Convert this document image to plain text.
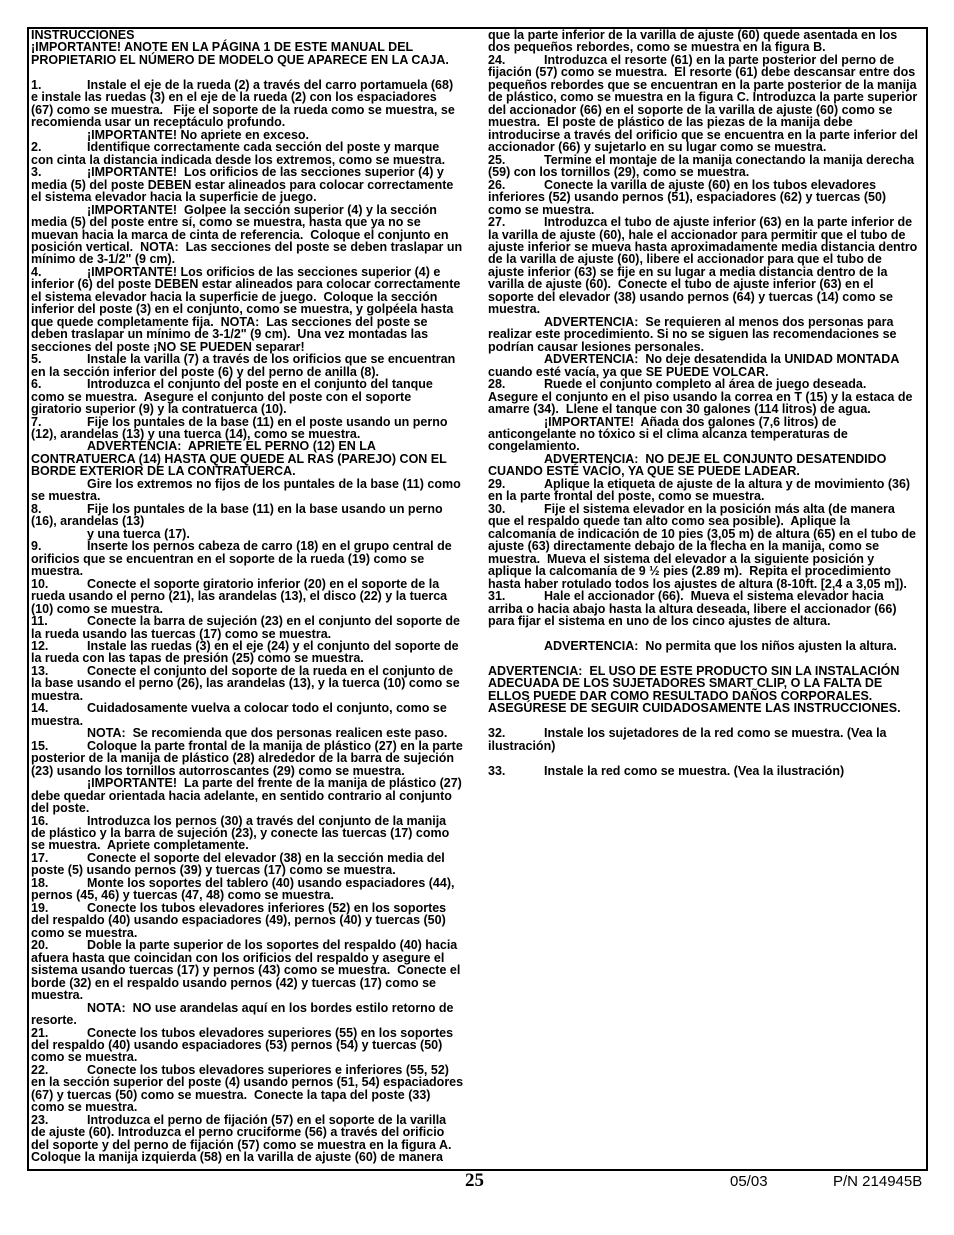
INSTRUCCIONES
¡IMPORTANTE! ANOTE EN LA PÁGINA 1 DE ESTE MANUAL DEL
PROPIETARIO EL NÚMERO DE MODELO QUE APARECE EN LA CAJA.
1.	Instale el eje de la rueda (2) a través del carro portamuela (68)
e instale las ruedas (3) en el eje de la rueda (2) con los espaciadores
(67) como se muestra.   Fije el soporte de la rueda como se muestra, se
recomienda usar un receptáculo profundo.
	¡IMPORTANTE! No apriete en exceso.
2.	Identifique correctamente cada sección del poste y marque
con cinta la distancia indicada desde los extremos, como se muestra.
3.	¡IMPORTANTE!  Los orificios de las secciones superior (4) y
media (5) del poste DEBEN estar alineados para colocar correctamente
el sistema elevador hacia la superficie de juego.
	¡IMPORTANTE!  Golpee la sección superior (4) y la sección
media (5) del poste entre sí, como se muestra, hasta que ya no se
muevan hacia la marca de cinta de referencia.  Coloque el conjunto en
posición vertical.  NOTA:  Las secciones del poste se deben traslapar un
mínimo de 3-1/2" (9 cm).
4.	¡IMPORTANTE! Los orificios de las secciones superior (4) e
inferior (6) del poste DEBEN estar alineados para colocar correctamente
el sistema elevador hacia la superficie de juego.  Coloque la sección
inferior del poste (3) en el conjunto, como se muestra, y golpéela hasta
que quede completamente fija.  NOTA:  Las secciones del poste se
deben traslapar un mínimo de 3-1/2" (9 cm).  Una vez montadas las
secciones del poste ¡NO SE PUEDEN separar!
5.	Instale la varilla (7) a través de los orificios que se encuentran
en la sección inferior del poste (6) y del perno de anilla (8).
6.	Introduzca el conjunto del poste en el conjunto del tanque
como se muestra.  Asegure el conjunto del poste con el soporte
giratorio superior (9) y la contratuerca (10).
7.	Fije los puntales de la base (11) en el poste usando un perno
(12), arandelas (13) y una tuerca (14), como se muestra.
	ADVERTENCIA:  APRIETE EL PERNO (12) EN LA
CONTRATUERCA (14) HASTA QUE QUEDE AL RAS (PAREJO) CON EL
BORDE EXTERIOR DE LA CONTRATUERCA.
	Gire los extremos no fijos de los puntales de la base (11) como
se muestra.
8.	Fije los puntales de la base (11) en la base usando un perno
(16), arandelas (13)
	y una tuerca (17).
9.	Inserte los pernos cabeza de carro (18) en el grupo central de
orificios que se encuentran en el soporte de la rueda (19) como se
muestra.
10.	Conecte el soporte giratorio inferior (20) en el soporte de la
rueda usando el perno (21), las arandelas (13), el disco (22) y la tuerca
(10) como se muestra.
11.	Conecte la barra de sujeción (23) en el conjunto del soporte de
la rueda usando las tuercas (17) como se muestra.
12.	Instale las ruedas (3) en el eje (24) y el conjunto del soporte de
la rueda con las tapas de presión (25) como se muestra.
13.	Conecte el conjunto del soporte de la rueda en el conjunto de
la base usando el perno (26), las arandelas (13), y la tuerca (10) como se
muestra.
14.	Cuidadosamente vuelva a colocar todo el conjunto, como se
muestra.
	NOTA:  Se recomienda que dos personas realicen este paso.
15.	Coloque la parte frontal de la manija de plástico (27) en la parte
posterior de la manija de plástico (28) alrededor de la barra de sujeción
(23) usando los tornillos autorroscantes (29) como se muestra.
	¡IMPORTANTE!  La parte del frente de la manija de plástico (27)
debe quedar orientada hacia adelante, en sentido contrario al conjunto
del poste.
16.	Introduzca los pernos (30) a través del conjunto de la manija
de plástico y la barra de sujeción (23), y conecte las tuercas (17) como
se muestra.  Apriete completamente.
17.	Conecte el soporte del elevador (38) en la sección media del
poste (5) usando pernos (39) y tuercas (17) como se muestra.
18.	Monte los soportes del tablero (40) usando espaciadores (44),
pernos (45, 46) y tuercas (47, 48) como se muestra.
19.	Conecte los tubos elevadores inferiores (52) en los soportes
del respaldo (40) usando espaciadores (49), pernos (40) y tuercas (50)
como se muestra.
20.	Doble la parte superior de los soportes del respaldo (40) hacia
afuera hasta que coincidan con los orificios del respaldo y asegure el
sistema usando tuercas (17) y pernos (43) como se muestra.  Conecte el
borde (32) en el respaldo usando pernos (42) y tuercas (17) como se
muestra.
	NOTA:  NO use arandelas aquí en los bordes estilo retorno de
resorte.
21.	Conecte los tubos elevadores superiores (55) en los soportes
del respaldo (40) usando espaciadores (53) pernos (54) y tuercas (50)
como se muestra.
22.	Conecte los tubos elevadores superiores e inferiores (55, 52)
en la sección superior del poste (4) usando pernos (51, 54) espaciadores
(67) y tuercas (50) como se muestra.  Conecte la tapa del poste (33)
como se muestra.
23.	Introduzca el perno de fijación (57) en el soporte de la varilla
de ajuste (60). Introduzca el perno cruciforme (56) a través del orificio
del soporte y del perno de fijación (57) como se muestra en la figura A.
Coloque la manija izquierda (58) en la varilla de ajuste (60) de manera
que la parte inferior de la varilla de ajuste (60) quede asentada en los
dos pequeños rebordes, como se muestra en la figura B.
24.	Introduzca el resorte (61) en la parte posterior del perno de
fijación (57) como se muestra.  El resorte (61) debe descansar entre dos
pequeños rebordes que se encuentran en la parte posterior de la manija
de plástico, como se muestra en la figura C. Introduzca la parte superior
del accionador (66) en el soporte de la varilla de ajuste (60) como se
muestra.  El poste de plástico de las piezas de la manija debe
introducirse a través del orificio que se encuentra en la parte inferior del
accionador (66) y sujetarlo en su lugar como se muestra.
25.	Termine el montaje de la manija conectando la manija derecha
(59) con los tornillos (29), como se muestra.
26.	Conecte la varilla de ajuste (60) en los tubos elevadores
inferiores (52) usando pernos (51), espaciadores (62) y tuercas (50)
como se muestra.
27.	Introduzca el tubo de ajuste inferior (63) en la parte inferior de
la varilla de ajuste (60), hale el accionador para permitir que el tubo de
ajuste inferior se mueva hasta aproximadamente media distancia dentro
de la varilla de ajuste (60), libere el accionador para que el tubo de
ajuste inferior (63) se fije en su lugar a media distancia dentro de la
varilla de ajuste (60).  Conecte el tubo de ajuste inferior (63) en el
soporte del elevador (38) usando pernos (64) y tuercas (14) como se
muestra.
	ADVERTENCIA:  Se requieren al menos dos personas para
realizar este procedimiento. Si no se siguen las recomendaciones se
podrían causar lesiones personales.
	ADVERTENCIA:  No deje desatendida la UNIDAD MONTADA
cuando esté vacía, ya que SE PUEDE VOLCAR.
28.	Ruede el conjunto completo al área de juego deseada.
Asegure el conjunto en el piso usando la correa en T (15) y la estaca de
amarre (34).  Llene el tanque con 30 galones (114 litros) de agua.
	¡IMPORTANTE!  Añada dos galones (7,6 litros) de
anticongelante no tóxico si el clima alcanza temperaturas de
congelamiento.
	ADVERTENCIA:  NO DEJE EL CONJUNTO DESATENDIDO
CUANDO ESTÉ VACÍO, YA QUE SE PUEDE LADEAR.
29.	Aplique la etiqueta de ajuste de la altura y de movimiento (36)
en la parte frontal del poste, como se muestra.
30.	Fije el sistema elevador en la posición más alta (de manera
que el respaldo quede tan alto como sea posible).  Aplique la
calcomanía de indicación de 10 pies (3,05 m) de altura (65) en el tubo de
ajuste (63) directamente debajo de la flecha en la manija, como se
muestra.  Mueva el sistema del elevador a la siguiente posición y
aplique la calcomanía de 9 ½ pies (2.89 m).  Repita el procedimiento
hasta haber rotulado todos los ajustes de altura (8-10ft. [2,4 a 3,05 m]).
31.	Hale el accionador (66).  Mueva el sistema elevador hacia
arriba o hacia abajo hasta la altura deseada, libere el accionador (66)
para fijar el sistema en uno de los cinco ajustes de altura.
	ADVERTENCIA:  No permita que los niños ajusten la altura.
ADVERTENCIA:  EL USO DE ESTE PRODUCTO SIN LA INSTALACIÓN
ADECUADA DE LOS SUJETADORES SMART CLIP, O LA FALTA DE
ELLOS PUEDE DAR COMO RESULTADO DAÑOS CORPORALES.
ASEGÚRESE DE SEGUIR CUIDADOSAMENTE LAS INSTRUCCIONES.
32.	Instale los sujetadores de la red como se muestra. (Vea la
ilustración)
33.	Instale la red como se muestra. (Vea la ilustración)
25	05/03	P/N 214945B
